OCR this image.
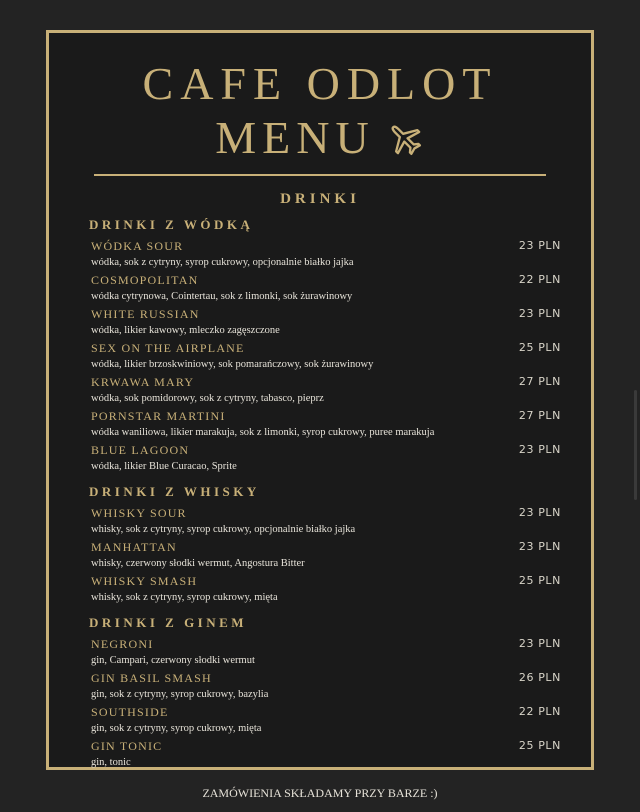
CAFE ODLOT
MENU
DRINKI
DRINKI Z WÓDKĄ
WÓDKA SOUR
wódka, sok z cytryny, syrop cukrowy, opcjonalnie białko jajka
23 PLN
COSMOPOLITAN
wódka cytrynowa, Cointertau, sok z limonki, sok żurawinowy
22 PLN
WHITE RUSSIAN
wódka, likier kawowy, mleczko zagęszczone
23 PLN
SEX ON THE AIRPLANE
wódka, likier brzoskwiniowy, sok pomarańczowy, sok żurawinowy
25 PLN
KRWAWA MARY
wódka, sok pomidorowy, sok z cytryny, tabasco, pieprz
27 PLN
PORNSTAR MARTINI
wódka waniliowa, likier marakuja, sok z limonki, syrop cukrowy, puree marakuja
27 PLN
BLUE LAGOON
wódka, likier Blue Curacao, Sprite
23 PLN
DRINKI Z WHISKY
WHISKY SOUR
whisky, sok z cytryny, syrop cukrowy, opcjonalnie białko jajka
23 PLN
MANHATTAN
whisky, czerwony słodki wermut, Angostura Bitter
23 PLN
WHISKY SMASH
whisky, sok z cytryny, syrop cukrowy, mięta
25 PLN
DRINKI Z GINEM
NEGRONI
gin, Campari, czerwony słodki wermut
23 PLN
GIN BASIL SMASH
gin, sok z cytryny, syrop cukrowy, bazylia
26 PLN
SOUTHSIDE
gin, sok z cytryny, syrop cukrowy, mięta
22 PLN
GIN TONIC
gin, tonic
25 PLN
ZAMÓWIENIA SKŁADAMY PRZY BARZE :)
